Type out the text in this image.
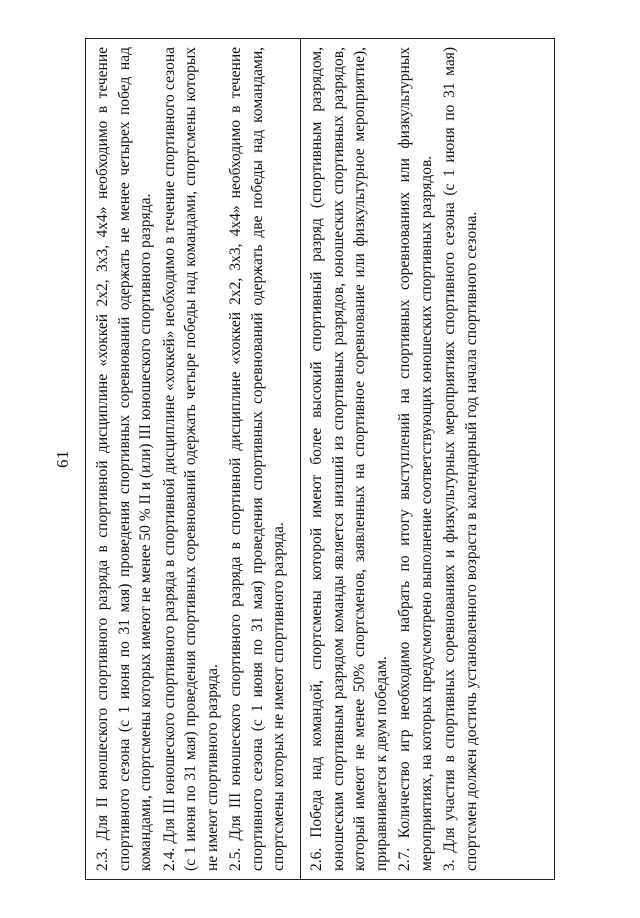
61 2.3. Для II юношеского спортивного разряда в спортивной дисциплине «хоккей 2х2, 3х3, 4х4» необходимо в течение спортивного сезона (с 1 июня по 31 мая) проведения спортивных соревнований одержать не менее четырех побед над командами, спортсмены которых имеют не менее 50 % II и (или) III юношеского спортивного разряда. 2.4. Для III юношеского спортивного разряда в спортивной дисциплине «хоккей» необходимо в течение спортивного сезона (с 1 июня по 31 мая) проведения спортивных соревнований одержать четыре победы над командами, спортсмены которых не имеют спортивного разряда. 2.5. Для III юношеского спортивного разряда в спортивной дисциплине «хоккей 2х2, 3х3, 4х4» необходимо в течение спортивного сезона (с 1 июня по 31 мая) проведения спортивных соревнований одержать две победы над командами, спортсмены которых не имеют спортивного разряда. 2.6. Победа над командой, спортсмены которой имеют более высокий спортивный разряд (спортивным разрядом, юношеским спортивным разрядом команды является низший из спортивных разрядов, юношеских спортивных разрядов, который имеют не менее 50% спортсменов, заявленных на спортивное соревнование или физкультурное мероприятие), приравнивается к двум победам. 2.7. Количество игр необходимо набрать по итогу выступлений на спортивных соревнованиях или физкультурных мероприятиях, на которых предусмотрено выполнение соответствующих юношеских спортивных разрядов. 3. Для участия в спортивных соревнованиях и физкультурных мероприятиях спортивного сезона (с 1 июня по 31 мая) спортсмен должен достичь установленного возраста в календарный год начала спортивного сезона.
